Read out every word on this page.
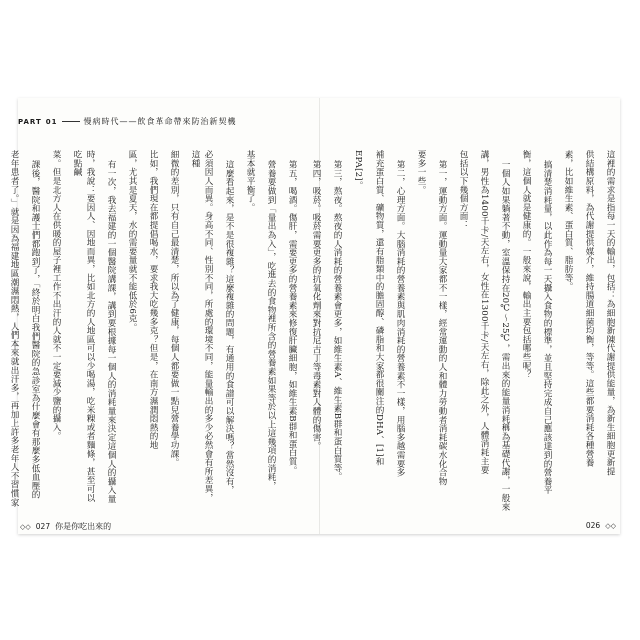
PART 01	慢病時代——飲食革命帶來防治新契機
這裡的需求是指每一天的輸出，包括：為細胞新陳代謝提供能量，為新生細胞更新提
供結構原料，為代謝提供媒介，維持腸道細菌均衡，等等。這些都要消耗各種營養
素，比如維生素、蛋白質、脂肪等。
搞清楚消耗量，以此作為每一天攝入食物的標準，並且堅持完成自己應該達到的營養平
衡，這個人就是健康的。一般來說，輸出主要包括哪些呢？
一個人如果躺著不動，室溫保持在20℃～25℃，需出來的能量消耗稱為基礎代謝，一般來
講，男性為1400千卡/天左右，女性在1300千卡/天左右，除此之外，人體消耗主要
包括以下幾個方面：
第一，運動方面。運動量大家都不一樣，經常運動的人和體力勞動者消耗碳水化合物
要多一些。
第二，心理方面。大腦消耗的營養素與肌肉消耗的營養素不一樣，用腦多越需要多
補充蛋白質、礦物質，還有脂類中的膽固醇、磷脂和大家都很關注的DHA、[1]和
EPA[2]。
第三，熬夜。熬夜的人消耗的營養素會更多，如維生素A、維生素B群和蛋白質等。
第四，吸菸。吸菸需要更多的抗氧化劑來對抗尼古丁等毒素對人體的傷害。
第五，喝酒。傷肝，需要更多的營養素來修復肝臟細胞，如維生素B群和蛋白質。
營養要做到「量出為入」，吃進去的食物裡所含的營養素如果等於以上這幾項的消耗，
基本就平衡了。
這麼看起來，是不是很複雜？這麼複雜的問題，有通用的食譜可以解決嗎？當然沒有，
必須因人而異。身高不同、性別不同，所處的環境不同，能量輸出的多少必然會有所差異，這種
細微的差別，只有自己最清楚，所以為了健康，每個人都要做一點兒營養學功課。
比如，我們現在都提倡喝水，要求我大吃幾多克？但是，在南方濕潤悶熱的地
區，尤其是夏天，水的需要量就不能低於6克。
有一次，我去福建的一個醫院講課，講到要根據每一個人的消耗量來決定這個人的攝入量
時，我說：要因人、因地而異，比如北方的人地區可以少喝湯，吃米粿或者麵條，甚至可以吃點鹹
菜。但是北方人在供暖的屋子裡工作不出汗的人就不一定要減少鹽的攝入。
課後，醫院和護士們都跑到了，「終於明白我們醫院的急診室為什麼會有那麼多低血壓的
老年患者了。」就是因為福建地區潮濕悶熱，人們本來就出汗多，再加上許多老年人不習慣家
◇◇ 027 你是你吃出來的	026 ◇◇
